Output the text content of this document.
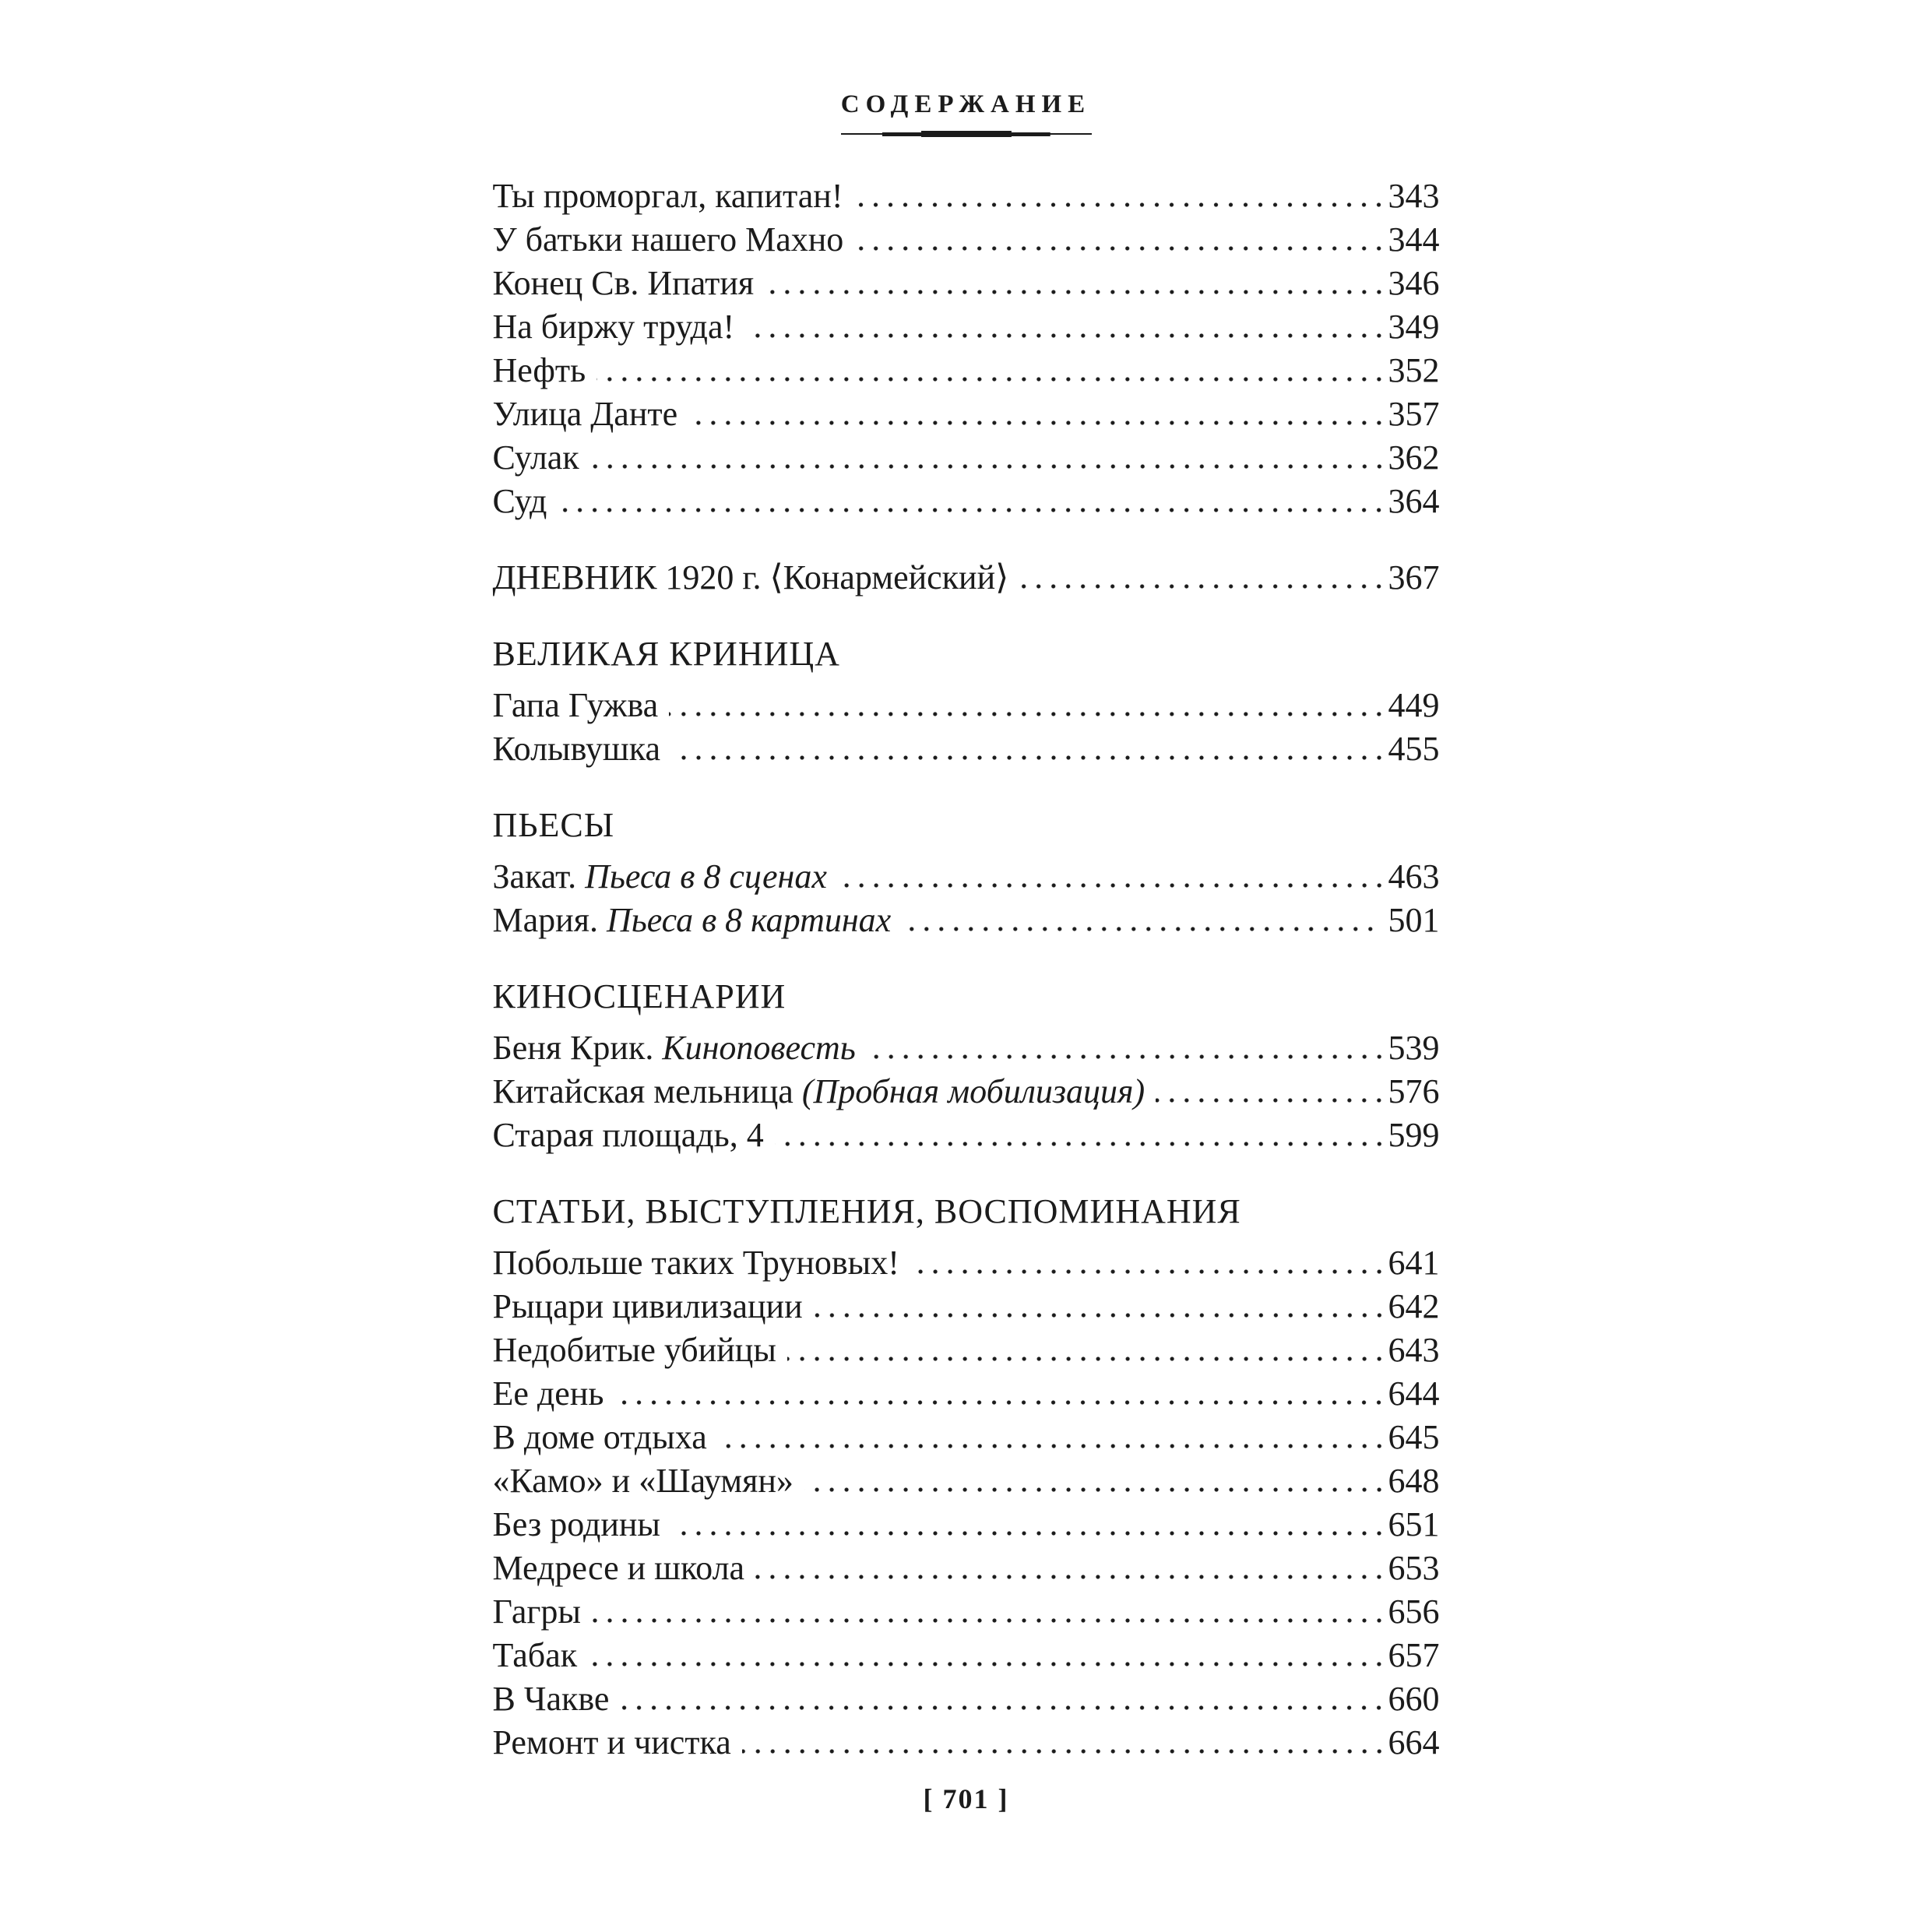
СОДЕРЖАНИЕ
Ты проморгал, капитан!	343
У батьки нашего Махно	344
Конец Св. Ипатия	346
На биржу труда!	349
Нефть	352
Улица Данте	357
Сулак	362
Суд	364
ДНЕВНИК 1920 г. ⟨Конармейский⟩	367
ВЕЛИКАЯ КРИНИЦА
Гапа Гужва	449
Колывушка	455
ПЬЕСЫ
Закат. Пьеса в 8 сценах	463
Мария. Пьеса в 8 картинах	501
КИНОСЦЕНАРИИ
Беня Крик. Киноповесть	539
Китайская мельница (Пробная мобилизация)	576
Старая площадь, 4	599
СТАТЬИ, ВЫСТУПЛЕНИЯ, ВОСПОМИНАНИЯ
Побольше таких Труновых!	641
Рыцари цивилизации	642
Недобитые убийцы	643
Ее день	644
В доме отдыха	645
«Камо» и «Шаумян»	648
Без родины	651
Медресе и школа	653
Гагры	656
Табак	657
В Чакве	660
Ремонт и чистка	664
[ 701 ]
